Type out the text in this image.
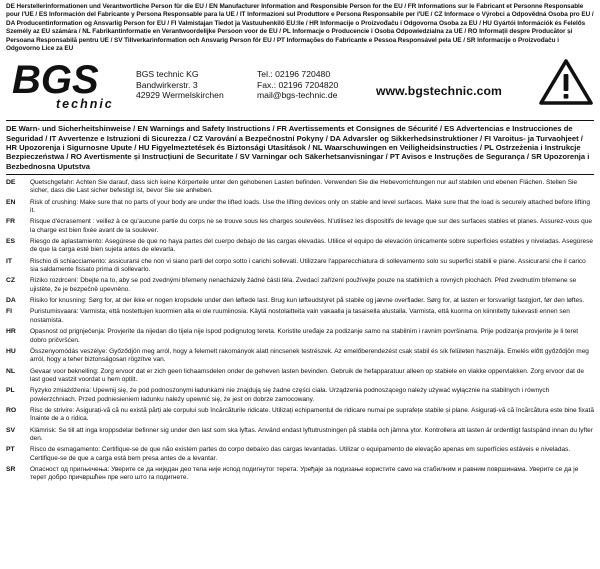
DE Herstellerinformationen und Verantwortliche Person für die EU / EN Manufacturer Information and Responsible Person for the EU / FR Informations sur le Fabricant et Personne Responsable pour l'UE / ES Información del Fabricante y Persona Responsable para la UE / IT Informazioni sul Produttore e Persona Responsabile per l'UE / CZ Informace o Výrobci a Odpovědná Osoba pro EU / DA Producentinformation og Ansvarlig Person for EU / FI Valmistajan Tiedot ja Vastuuhenkilö EU:lle / HR Informacije o Proizvođaču i Odgovorna Osoba za EU / HU Gyártói Információk és Felelős Személy az EU számára / NL Fabrikantinformatie en Verantwoordelijke Persoon voor de EU / PL Informacje o Producencie i Osoba Odpowiedzialna za UE / RO Informații despre Producător și Persoana Responsabilă pentru UE / SV Tillverkarinformation och Ansvarig Person för EU / PT Informações do Fabricante e Pessoa Responsável pela UE / SR Informacije o Proizvođaču i Odgovorno Lice za EU
BGS
technic
BGS technic KG
Bandwirkerstr. 3
42929 Wermelskirchen
Tel.: 02196 720480
Fax.: 02196 7204820
mail@bgs-technic.de	www.bgstechnic.com
DE Warn- und Sicherheitshinweise / EN Warnings and Safety Instructions / FR Avertissements et Consignes de Sécurité / ES Advertencias e Instrucciones de Seguridad / IT Avvertenze e Istruzioni di Sicurezza / CZ Varování a Bezpečnostní Pokyny / DA Advarsler og Sikkerhedsinstruktioner / FI Varoitus- ja Turvaohjeet / HR Upozorenja i Sigurnosne Upute / HU Figyelmeztetések és Biztonsági Utasítások / NL Waarschuwingen en Veiligheidsinstructies / PL Ostrzeżenia i Instrukcje Bezpieczeństwa / RO Avertismente și Instrucțiuni de Securitate / SV Varningar och Säkerhetsanvisningar / PT Avisos e Instruções de Segurança / SR Upozorenja i Bezbednosna Uputstva
DE	Quetschgefahr: Achten Sie darauf, dass sich keine Körperteile unter den gehobenen Lasten befinden. Verwenden Sie die Hebevorrichtungen nur auf stabilen und ebenen Flächen. Stellen Sie sicher, dass die Last sicher befestigt ist, bevor Sie sie anheben.
EN	Risk of crushing: Make sure that no parts of your body are under the lifted loads. Use the lifting devices only on stable and level surfaces. Make sure that the load is securely attached before lifting it.
FR	Risque d'écrasement : veillez à ce qu'aucune partie du corps ne se trouve sous les charges soulevées. N'utilisez les dispositifs de levage que sur des surfaces stables et planes. Assurez-vous que la charge est bien fixée avant de la soulever.
ES	Riesgo de aplastamiento: Asegúrese de que no haya partes del cuerpo debajo de las cargas elevadas. Utilice el equipo de elevación únicamente sobre superficies estables y niveladas. Asegúrese de que la carga esté bien sujeta antes de elevarla.
IT	Rischio di schiacciamento: assicurarsi che non vi siano parti del corpo sotto i carichi sollevati. Utilizzare l'apparecchiatura di sollevamento solo su superfici stabili e piane. Assicurarsi che il carico sia saldamente fissato prima di sollevarlo.
CZ	Riziko rozdrcení: Dbejte na to, aby se pod zvednými břemeny nenacházely žádné části těla. Zvedací zařízení používejte pouze na stabilních a rovných plochách. Před zvednutím břemene se ujistěte, že je bezpečně upevněno.
DA	Risiko for knusning: Sørg for, at der ikke er nogen kropsdele under den løftede last. Brug kun løfteudstyret på stabile og jævne overflader. Sørg for, at lasten er forsvarligt fastgjort, før den løftes.
FI	Puristumisvaara: Varmista, että nostettujen kuormien alla ei ole ruumiinosia. Käytä nostolaitteita vain vakaalla ja tasaisella alustalla. Varmista, että kuorma on kiinnitetty tukevasti ennen sen nostamista.
HR	Opasnost od prignječenja: Provjerite da nijedan dio tijela nije ispod podignutog tereta. Koristite uređaje za podizanje samo na stabilnim i ravnim površinama. Prije podizanja provjerite je li teret dobro pričvršćen.
HU	Összenyomódás veszélye: Győződjön meg arról, hogy a felemelt rakományok alatt nincsenek testrészek. Az emelőberendezést csak stabil és sík felületen használja. Emelés előtt győződjön meg arról, hogy a teher biztonságosan rögzítve van.
NL	Gevaar voor beknelling: Zorg ervoor dat er zich geen lichaamsdelen onder de geheven lasten bevinden. Gebruik de hefapparatuur alleen op stabiele en vlakke oppervlakken. Zorg ervoor dat de last goed vastzit voordat u hem optilt.
PL	Ryzyko zmiażdżenia: Upewnij się, że pod podnoszonymi ładunkami nie znajdują się żadne części ciała. Urządzenia podnoszącego należy używać wyłącznie na stabilnych i równych powierzchniach. Przed podniesieniem ładunku należy upewnić się, że jest on dobrze zamocowany.
RO	Risc de strivire: Asigurați-vă că nu există părți ale corpului sub încărcăturile ridicate. Utilizați echipamentul de ridicare numai pe suprafețe stabile și plane. Asigurați-vă că încărcătura este bine fixată înainte de a o ridica.
SV	Klämrisk: Se till att inga kroppsdelar befinner sig under den last som ska lyftas. Använd endast lyftutrustningen på stabila och jämna ytor. Kontrollera att lasten är ordentligt fastspänd innan du lyfter den.
PT	Risco de esmagamento: Certifique-se de que não existem partes do corpo debaixo das cargas levantadas. Utilizar o equipamento de elevação apenas em superfícies estáveis e niveladas. Certifique-se de que a carga está bem presa antes de a levantar.
SR	Опасност од пригњечења: Уверите се да ниједан део тела није испод подигнутог терета. Уређаје за подизање користите само на стабилним и равним површинама. Уверите се да је терет добро причвршћен пре него што га подигнете.
